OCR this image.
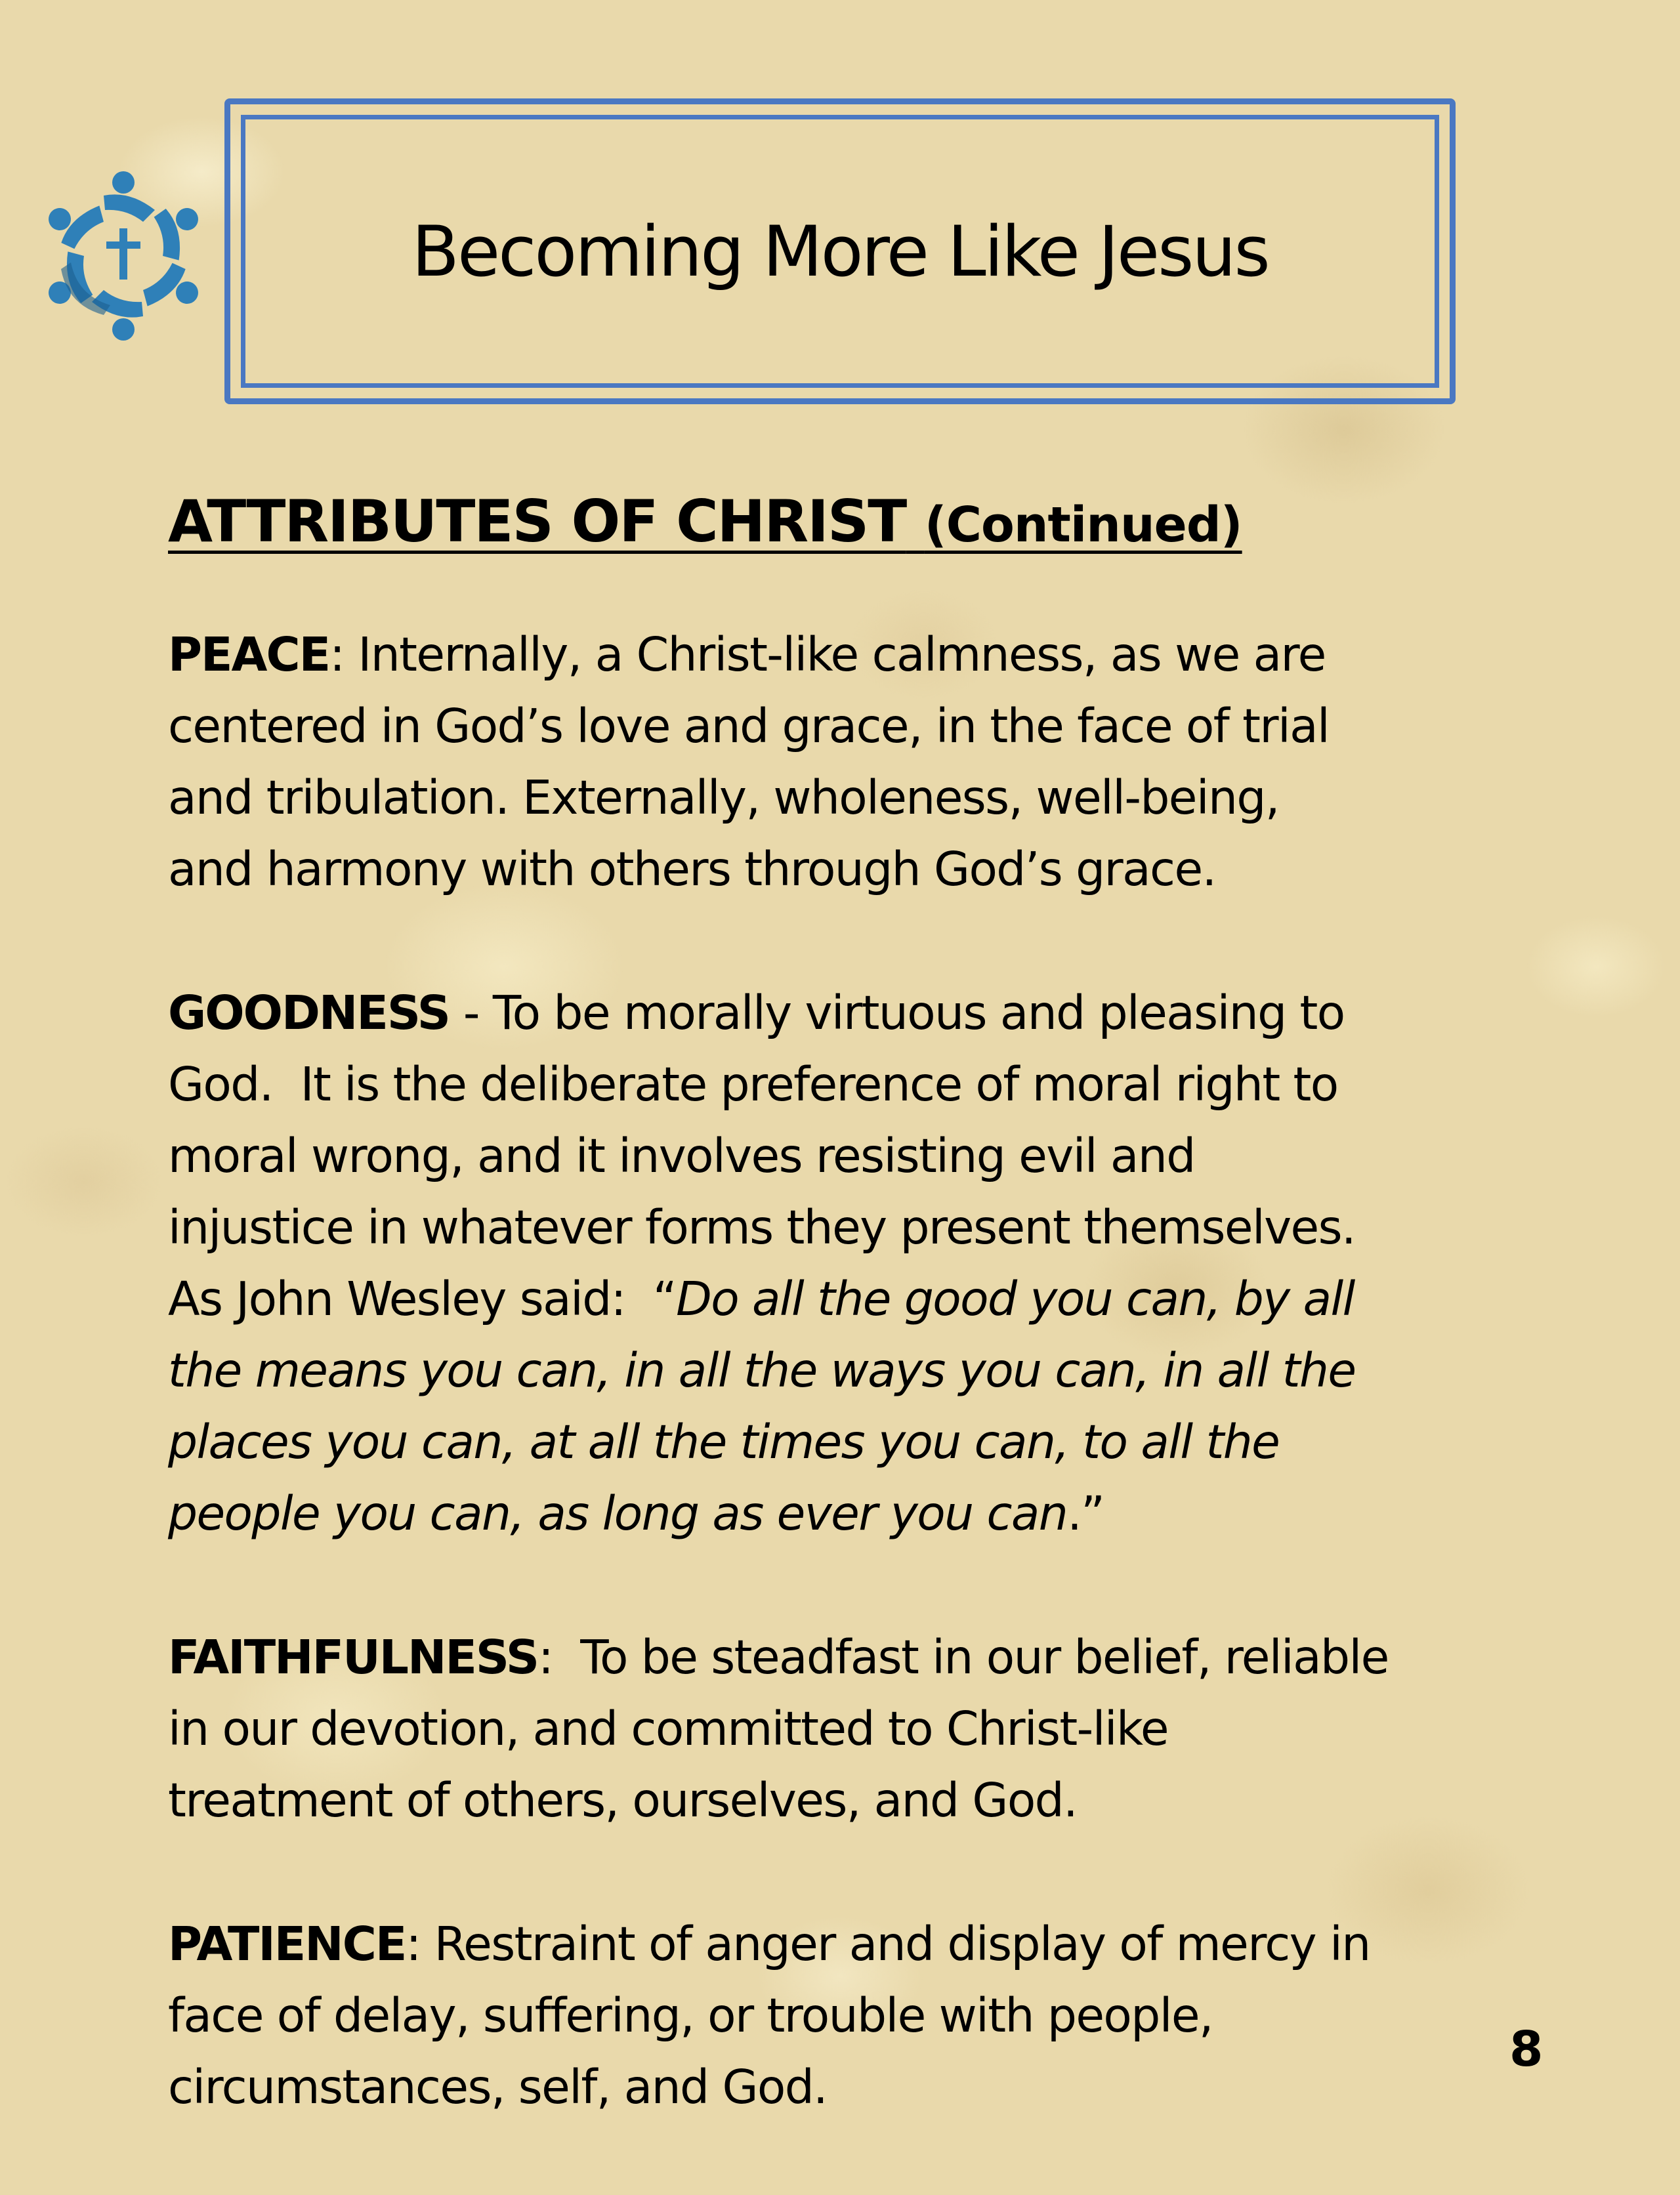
Becoming More Like Jesus
ATTRIBUTES OF CHRIST (Continued)
PEACE: Internally, a Christ-like calmness, as we are
centered in God’s love and grace, in the face of trial
and tribulation. Externally, wholeness, well-being,
and harmony with others through God’s grace.
GOODNESS - To be morally virtuous and pleasing to
God.  It is the deliberate preference of moral right to
moral wrong, and it involves resisting evil and
injustice in whatever forms they present themselves.
As John Wesley said:  “Do all the good you can, by all
the means you can, in all the ways you can, in all the
places you can, at all the times you can, to all the
people you can, as long as ever you can.”
FAITHFULNESS:  To be steadfast in our belief, reliable
in our devotion, and committed to Christ-like
treatment of others, ourselves, and God.
PATIENCE: Restraint of anger and display of mercy in
face of delay, suffering, or trouble with people,
circumstances, self, and God.
8
